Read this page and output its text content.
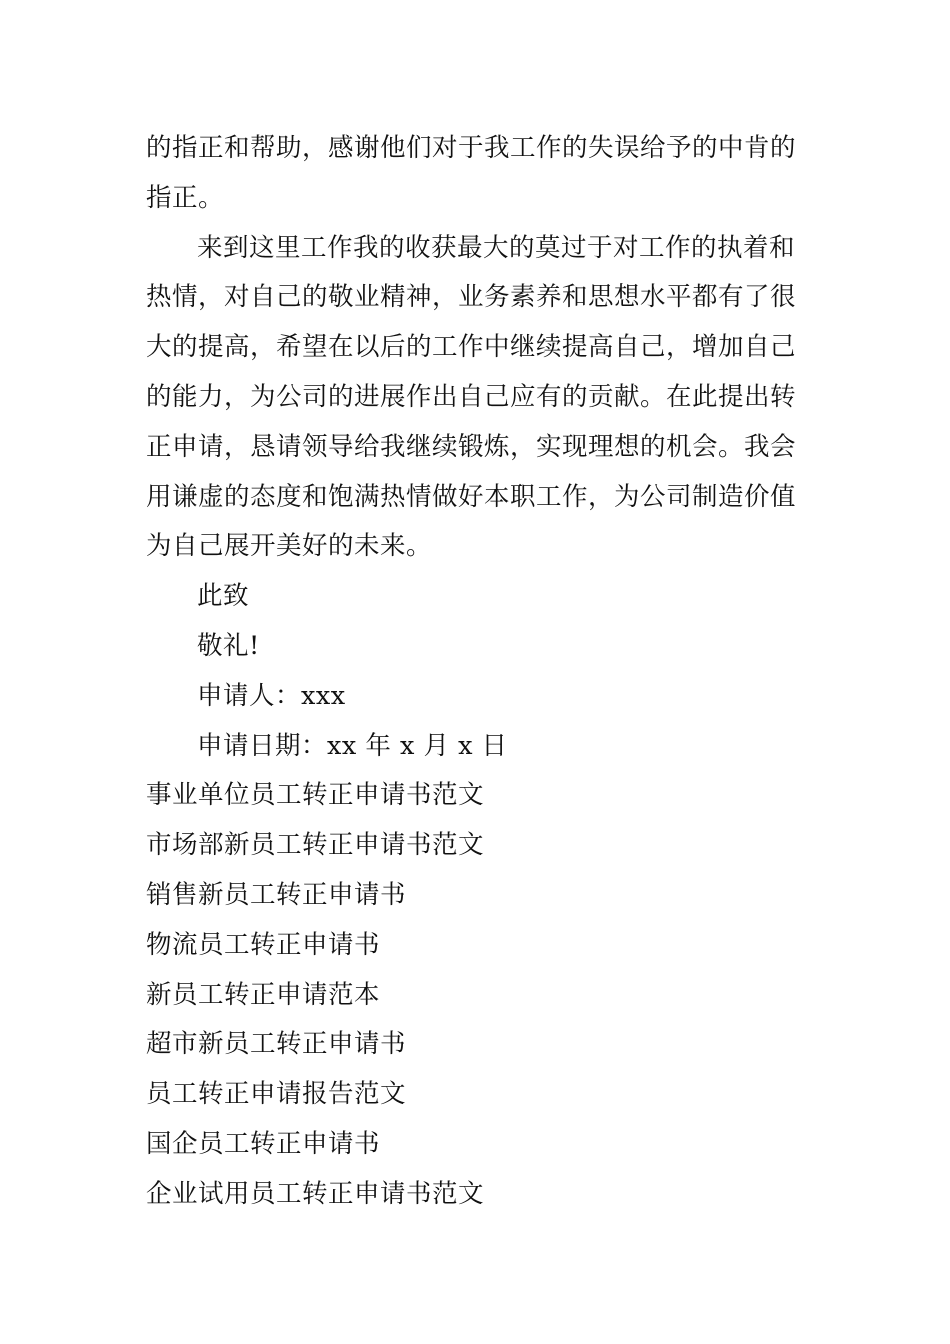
的指正和帮助，感谢他们对于我工作的失误给予的中肯的
指正。
来到这里工作我的收获最大的莫过于对工作的执着和
热情，对自己的敬业精神，业务素养和思想水平都有了很
大的提高，希望在以后的工作中继续提高自己，增加自己
的能力，为公司的进展作出自己应有的贡献。在此提出转
正申请，恳请领导给我继续锻炼，实现理想的机会。我会
用谦虚的态度和饱满热情做好本职工作，为公司制造价值
为自己展开美好的未来。
此致
敬礼!
申请人：xxx
申请日期：xx 年 x 月 x 日
事业单位员工转正申请书范文
市场部新员工转正申请书范文
销售新员工转正申请书
物流员工转正申请书
新员工转正申请范本
超市新员工转正申请书
员工转正申请报告范文
国企员工转正申请书
企业试用员工转正申请书范文
